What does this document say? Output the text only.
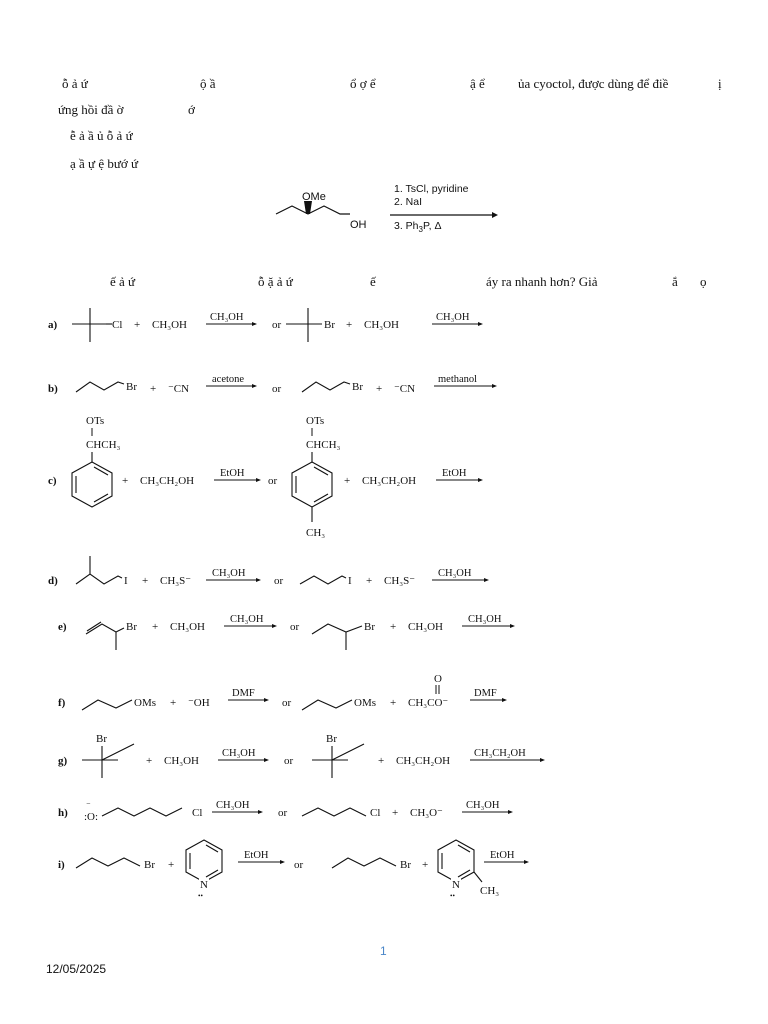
ỗ ả ứ	ộ ầ	ổ ợ ể	ậ ể	ủa cyoctol, được dùng để điề	ị
ứng hồi đầ ờ	ớ
ễ ả ầ ủ ỗ ả ứ
ạ ầ ự ệ bướ ứ
OMe
OH
1. TsCl, pyridine
2. NaI
3. $Ph_3P$, Δ
ế ả ứ	ỗ ặ ả ứ	ế	áy ra nhanh hơn? Giả	ắ ọ
a)	Cl + CH₃OH
CH₃OH
or	Br + CH₃OH
CH₃OH
b)	Br + ⁻CN
acetone
or	Br + ⁻CN
methanol
c)
OTs
CHCH₃
+ CH₃CH₂OH
EtOH
or
OTs
CHCH₃
CH₃
+ CH₃CH₂OH
EtOH
d)	I + CH₃S⁻
CH₃OH
or	I + CH₃S⁻
CH₃OH
e)	Br + CH₃OH
CH₃OH
or	Br + CH₃OH
CH₃OH
f)	OMs + ⁻OH
DMF
or	OMs +
O
CH₃CO⁻
DMF
g)
Br	Br
+ CH₃OH
CH₃OH
or	+ CH₃CH₂OH
CH₃CH₂OH
h) :O:
⁻
Cl
CH₃OH
or	Cl + CH₃O⁻
CH₃OH
i)	Br +
N
••
EtOH
or	Br +
N
•• CH₃
EtOH
1
12/05/2025
